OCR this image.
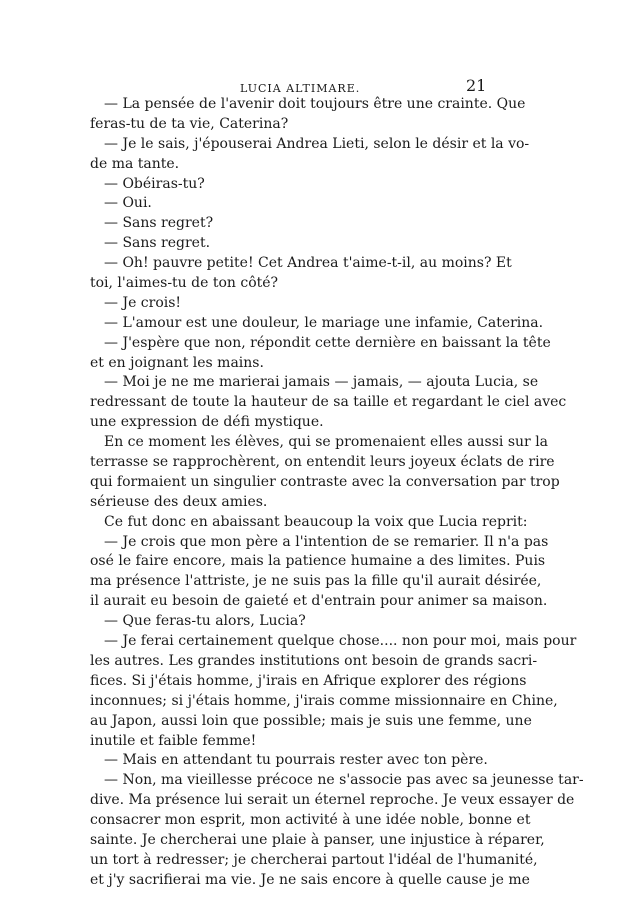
LUCIA ALTIMARE.	21
— La pensée de l'avenir doit toujours être une crainte. Que
feras-tu de ta vie, Caterina?
— Je le sais, j'épouserai Andrea Lieti, selon le désir et la vo-
de ma tante.
— Obéiras-tu?
— Oui.
— Sans regret?
— Sans regret.
— Oh! pauvre petite! Cet Andrea t'aime-t-il, au moins? Et
toi, l'aimes-tu de ton côté?
— Je crois!
— L'amour est une douleur, le mariage une infamie, Caterina.
— J'espère que non, répondit cette dernière en baissant la tête
et en joignant les mains.
— Moi je ne me marierai jamais — jamais, — ajouta Lucia, se
redressant de toute la hauteur de sa taille et regardant le ciel avec
une expression de défi mystique.
En ce moment les élèves, qui se promenaient elles aussi sur la
terrasse se rapprochèrent, on entendit leurs joyeux éclats de rire
qui formaient un singulier contraste avec la conversation par trop
sérieuse des deux amies.
Ce fut donc en abaissant beaucoup la voix que Lucia reprit:
— Je crois que mon père a l'intention de se remarier. Il n'a pas
osé le faire encore, mais la patience humaine a des limites. Puis
ma présence l'attriste, je ne suis pas la fille qu'il aurait désirée,
il aurait eu besoin de gaieté et d'entrain pour animer sa maison.
— Que feras-tu alors, Lucia?
— Je ferai certainement quelque chose.... non pour moi, mais pour
les autres. Les grandes institutions ont besoin de grands sacri-
fices. Si j'étais homme, j'irais en Afrique explorer des régions
inconnues; si j'étais homme, j'irais comme missionnaire en Chine,
au Japon, aussi loin que possible; mais je suis une femme, une
inutile et faible femme!
— Mais en attendant tu pourrais rester avec ton père.
— Non, ma vieillesse précoce ne s'associe pas avec sa jeunesse tar-
dive. Ma présence lui serait un éternel reproche. Je veux essayer de
consacrer mon esprit, mon activité à une idée noble, bonne et
sainte. Je chercherai une plaie à panser, une injustice à réparer,
un tort à redresser; je chercherai partout l'idéal de l'humanité,
et j'y sacrifierai ma vie. Je ne sais encore à quelle cause je me
